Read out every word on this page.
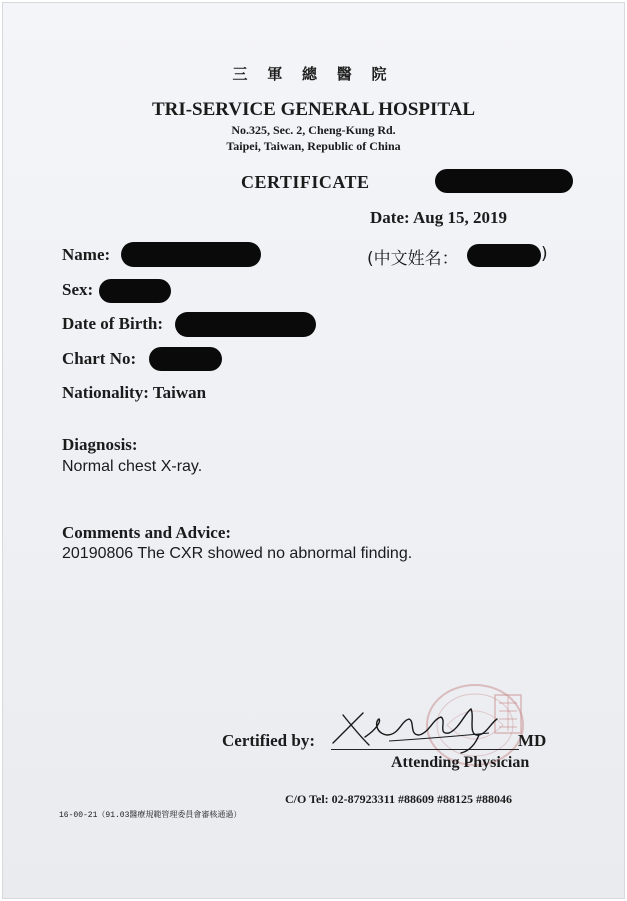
三 軍 總 醫 院

TRI-SERVICE GENERAL HOSPITAL

No.325, Sec. 2, Cheng-Kung Rd.

Taipei, Taiwan, Republic of China

CERTIFICATE

Date: Aug 15, 2019

Name:	(中文姓名：	)

Sex:

Date of Birth:

Chart No:

Nationality: Taiwan

Diagnosis:

Normal chest X-ray.

Comments and Advice:

20190806 The CXR showed no abnormal finding.

Certified by:	MD

Attending Physician

C/O Tel: 02-87923311 #88609 #88125 #88046

16-00-21（91.03醫療規範管理委員會審核通過）
